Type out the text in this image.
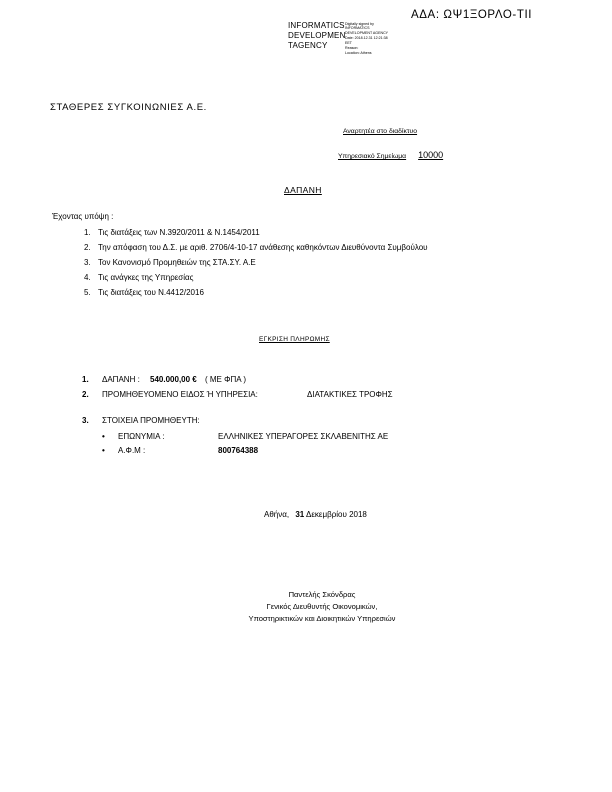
ΑΔΑ: ΩΨ1ΞΟΡΛΟ-ΤΙΙ
INFORMATICS
DEVELOPMEN
TAGENCY
Digitally signed by
INFORMATICS
DEVELOPMENT AGENCY
Date: 2018.12.31 12:21:38
EET
Reason:
Location: Athens
ΣΤΑΘΕΡΕΣ ΣΥΓΚΟΙΝΩΝΙΕΣ Α.Ε.
Αναρτητέα στο διαδίκτυο
Υπηρεσιακό Σημείωμα 10000
ΔΑΠΑΝΗ
Έχοντας υπόψη :
1. Τις διατάξεις των Ν.3920/2011 & Ν.1454/2011
2. Την απόφαση του Δ.Σ. με αριθ. 2706/4-10-17 ανάθεσης καθηκόντων Διευθύνοντα Συμβούλου
3. Τον Κανονισμό Προμηθειών της ΣΤΑ.ΣΥ. Α.Ε
4. Τις ανάγκες της Υπηρεσίας
5. Τις διατάξεις του Ν.4412/2016
ΕΓΚΡΙΣΗ ΠΛΗΡΩΜΗΣ
1. ΔΑΠΑΝΗ : 540.000,00 € ( ΜΕ ΦΠΑ )
2. ΠΡΟΜΗΘΕΥΟΜΕΝΟ ΕΙΔΟΣ Ή ΥΠΗΡΕΣΙΑ:	ΔΙΑΤΑΚΤΙΚΕΣ ΤΡΟΦΗΣ
3. ΣΤΟΙΧΕΙΑ ΠΡΟΜΗΘΕΥΤΗ:
• ΕΠΩΝΥΜΙΑ :	ΕΛΛΗΝΙΚΕΣ ΥΠΕΡΑΓΟΡΕΣ ΣΚΛΑΒΕΝΙΤΗΣ ΑΕ
• Α.Φ.Μ :	800764388
Αθήνα, 31 Δεκεμβρίου 2018
Παντελής Σκόνδρας
Γενικός Διευθυντής Οικονομικών,
Υποστηρικτικών και Διοικητικών Υπηρεσιών
